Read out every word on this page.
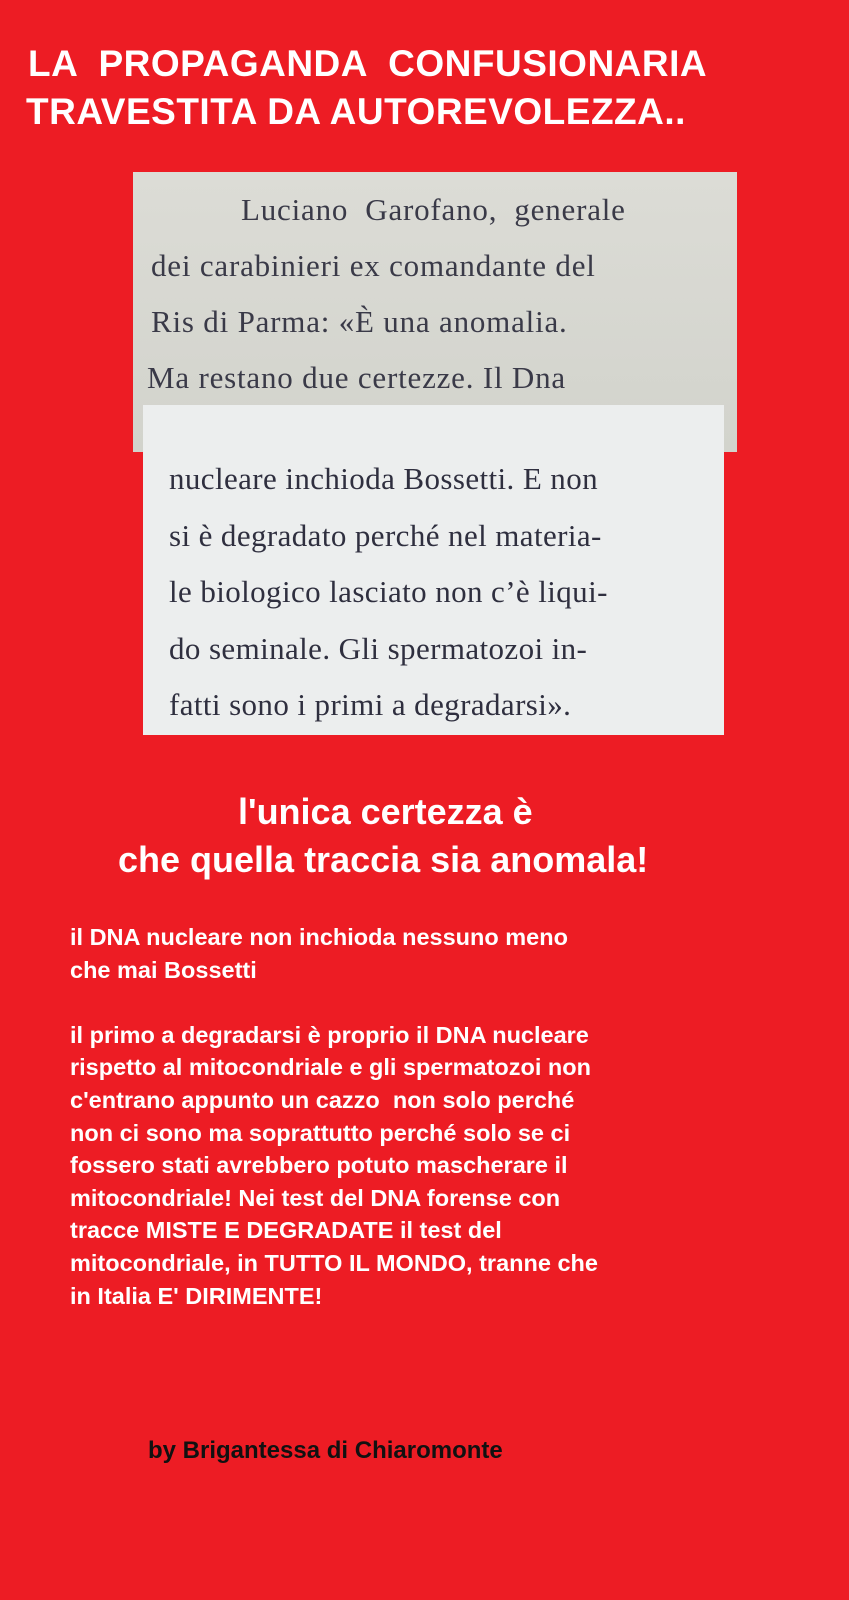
LA  PROPAGANDA  CONFUSIONARIA
TRAVESTITA DA AUTOREVOLEZZA..
Luciano  Garofano,  generale
dei carabinieri ex comandante del
Ris di Parma: «È una anomalia.
Ma restano due certezze. Il Dna
nucleare inchioda Bossetti. E non
si è degradato perché nel materia-
le biologico lasciato non c’è liqui-
do seminale. Gli spermatozoi in-
fatti sono i primi a degradarsi».
l'unica certezza è
che quella traccia sia anomala!

il DNA nucleare non inchioda nessuno meno
che mai Bossetti

il primo a degradarsi è proprio il DNA nucleare
rispetto al mitocondriale e gli spermatozoi non
c'entrano appunto un cazzo  non solo perché
non ci sono ma soprattutto perché solo se ci
fossero stati avrebbero potuto mascherare il
mitocondriale! Nei test del DNA forense con
tracce MISTE E DEGRADATE il test del
mitocondriale, in TUTTO IL MONDO, tranne che
in Italia E' DIRIMENTE!

by Brigantessa di Chiaromonte
